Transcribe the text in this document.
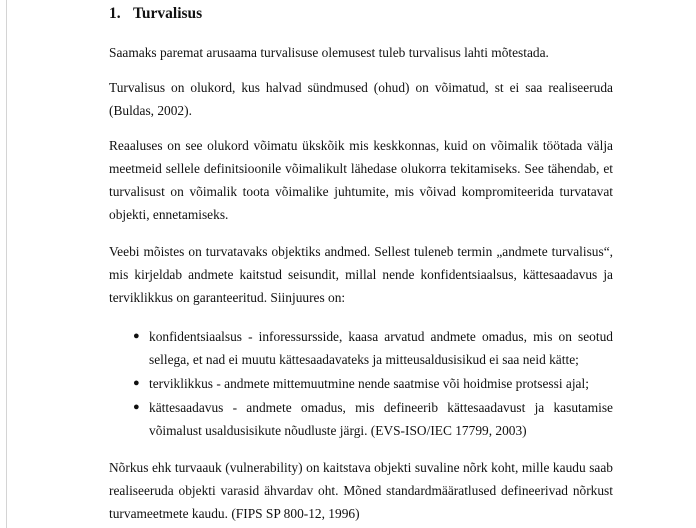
1. Turvalisus

Saamaks paremat arusaama turvalisuse olemusest tuleb turvalisus lahti mõtestada.

Turvalisus on olukord, kus halvad sündmused (ohud) on võimatud, st ei saa realiseeruda (Buldas, 2002).

Reaaluses on see olukord võimatu ükskõik mis keskkonnas, kuid on võimalik töötada välja meetmeid sellele definitsioonile võimalikult lähedase olukorra tekitamiseks. See tähendab, et turvalisust on võimalik toota võimalike juhtumite, mis võivad kompromiteerida turvatavat objekti, ennetamiseks.

Veebi mõistes on turvatavaks objektiks andmed. Sellest tuleneb termin „andmete turvalisus“, mis kirjeldab andmete kaitstud seisundit, millal nende konfidentsiaalsus, kättesaadavus ja terviklikkus on garanteeritud. Siinjuures on:

● konfidentsiaalsus - inforessursside, kaasa arvatud andmete omadus, mis on seotud sellega, et nad ei muutu kättesaadavateks ja mitteusaldusisikud ei saa neid kätte;
● terviklikkus - andmete mittemuutmine nende saatmise või hoidmise protsessi ajal;
● kättesaadavus - andmete omadus, mis defineerib kättesaadavust ja kasutamise võimalust usaldusisikute nõudluste järgi. (EVS-ISO/IEC 17799, 2003)

Nõrkus ehk turvaauk (vulnerability) on kaitstava objekti suvaline nõrk koht, mille kaudu saab realiseeruda objekti varasid ähvardav oht. Mõned standardmääratlused defineerivad nõrkust turvameetmete kaudu. (FIPS SP 800-12, 1996)
